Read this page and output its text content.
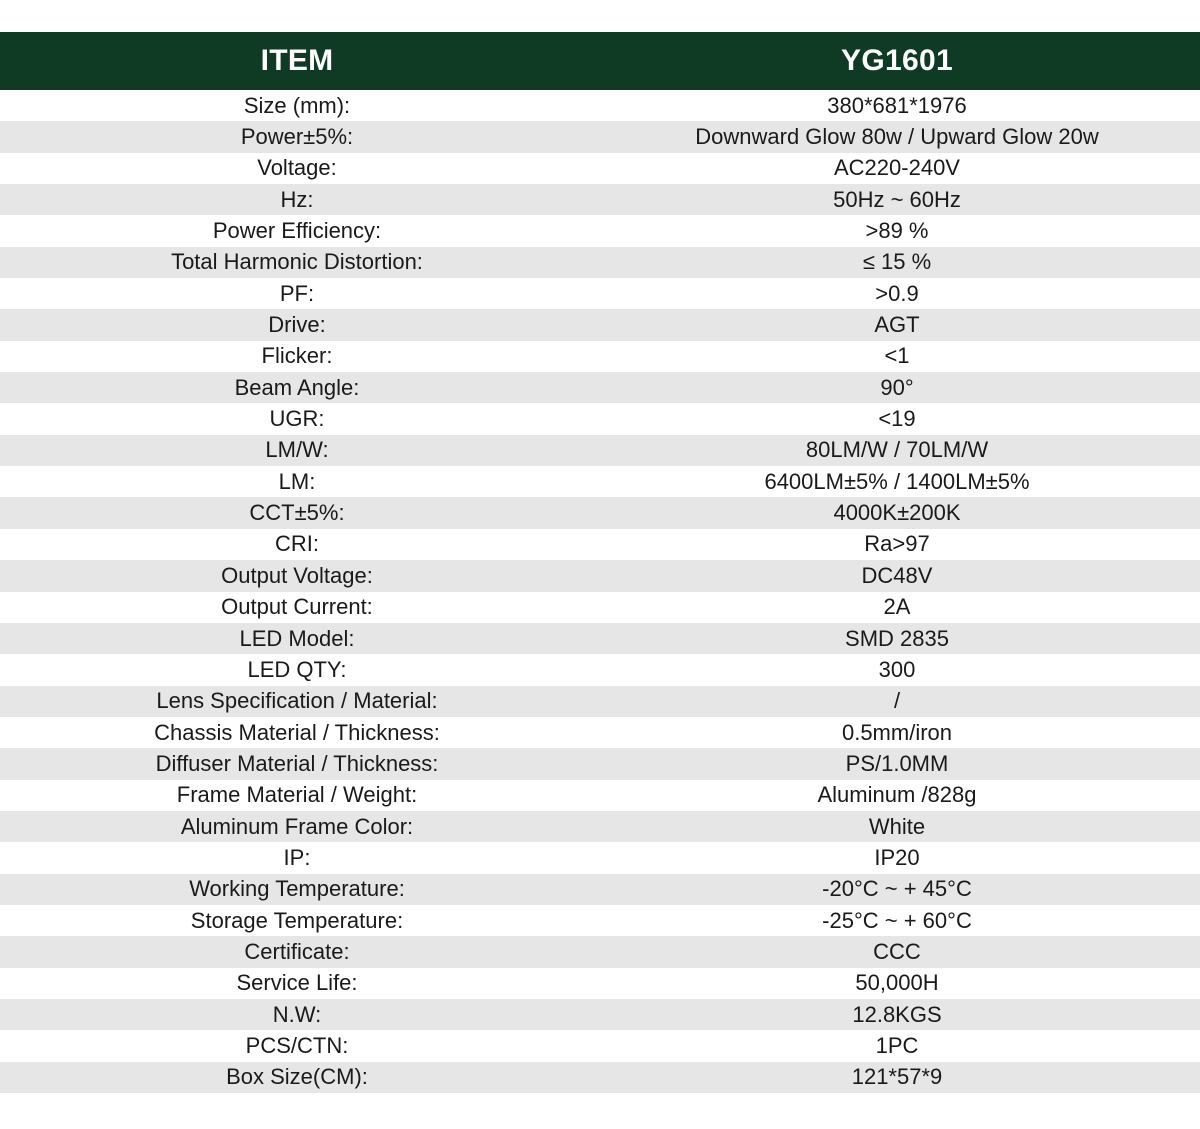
ITEM	YG1601
Size (mm):	380*681*1976
Power±5%:	Downward Glow 80w / Upward Glow 20w
Voltage:	AC220-240V
Hz:	50Hz ~ 60Hz
Power Efficiency:	>89 %
Total Harmonic Distortion:	≤ 15 %
PF:	>0.9
Drive:	AGT
Flicker:	<1
Beam Angle:	90°
UGR:	<19
LM/W:	80LM/W / 70LM/W
LM:	6400LM±5% / 1400LM±5%
CCT±5%:	4000K±200K
CRI:	Ra>97
Output Voltage:	DC48V
Output Current:	2A
LED Model:	SMD 2835
LED QTY:	300
Lens Specification / Material:	/
Chassis Material / Thickness:	0.5mm/iron
Diffuser Material / Thickness:	PS/1.0MM
Frame Material / Weight:	Aluminum /828g
Aluminum Frame Color:	White
IP:	IP20
Working Temperature:	-20°C ~ + 45°C
Storage Temperature:	-25°C ~ + 60°C
Certificate:	CCC
Service Life:	50,000H
N.W:	12.8KGS
PCS/CTN:	1PC
Box Size(CM):	121*57*9
